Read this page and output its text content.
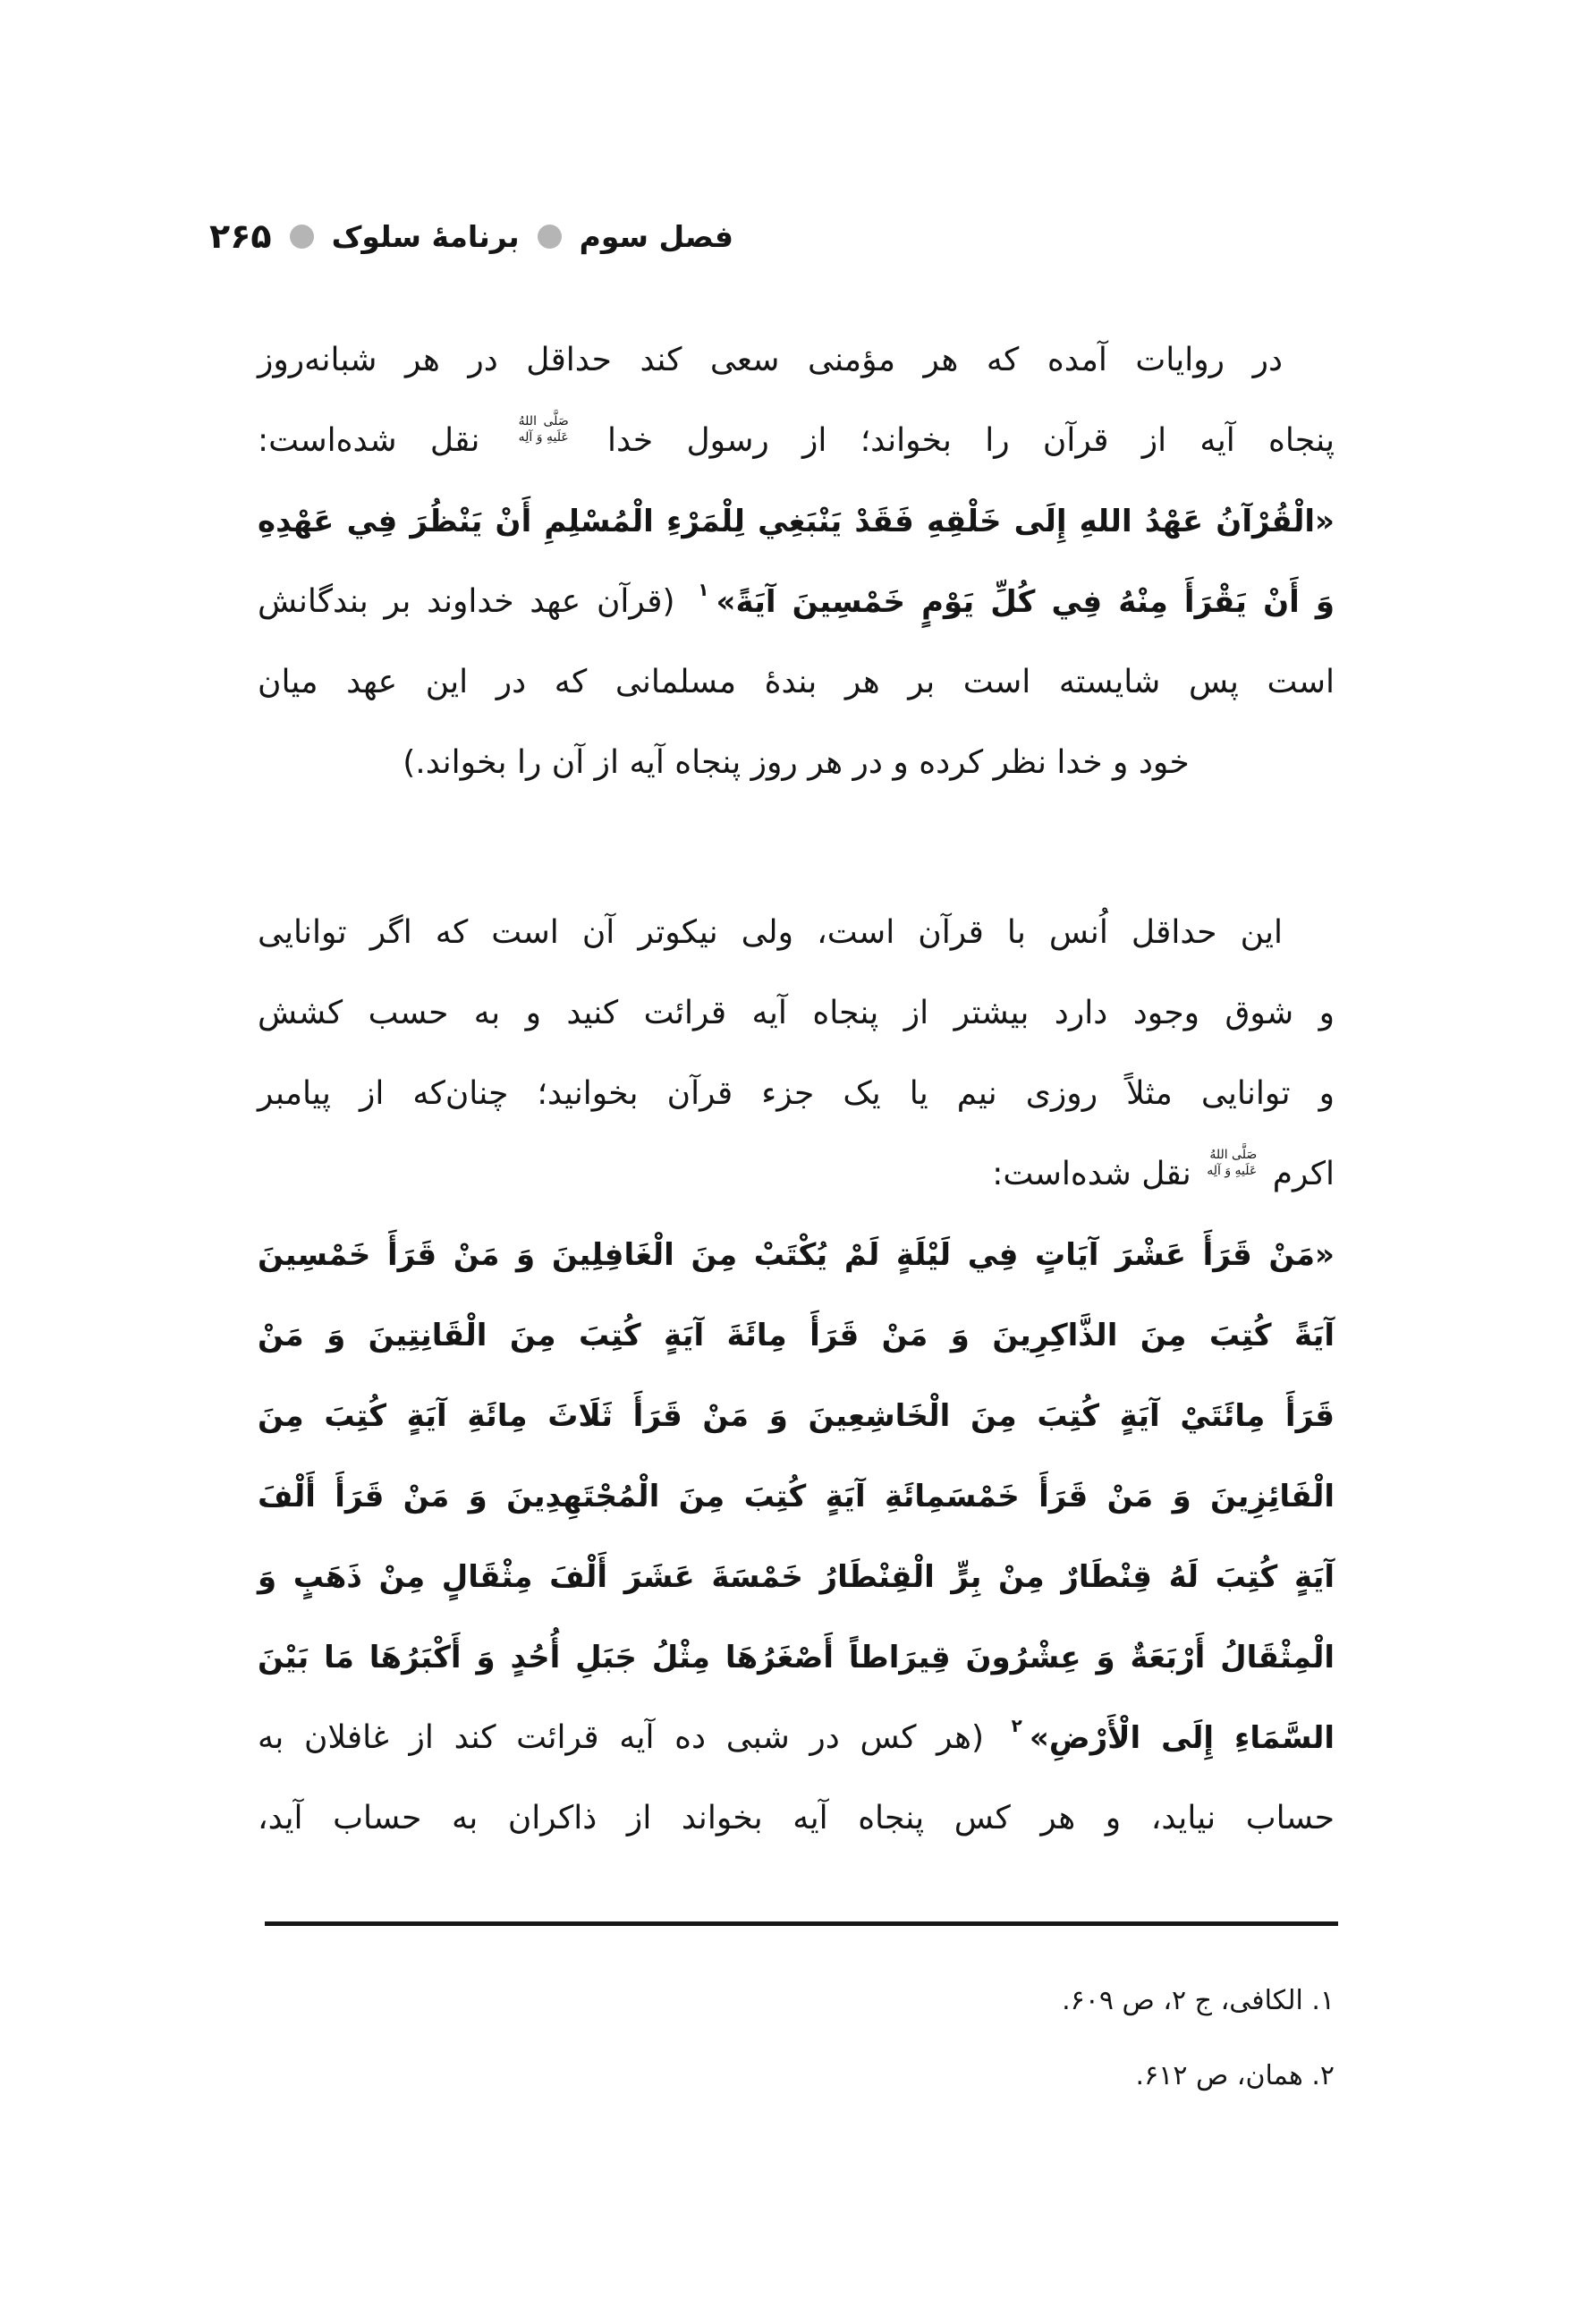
فصل سوم
برنامهٔ سلوک
۲۶۵
در روایات آمده که هر مؤمنی سعی کند حداقل در هر شبانه‌روز
پنجاه آیه از قرآن را بخواند؛ از رسول خدا
صَلَّی اللهُ
عَلَیهِ وَ آلِه
نقل شده‌است:
«الْقُرْآنُ عَهْدُ اللهِ إِلَی خَلْقِهِ فَقَدْ يَنْبَغِي لِلْمَرْءِ الْمُسْلِمِ أَنْ يَنْظُرَ فِي عَهْدِهِ
وَ أَنْ يَقْرَأَ مِنْهُ فِي كُلِّ يَوْمٍ خَمْسِينَ آيَةً»$^۱$ (قرآن عهد خداوند بر بندگانش
است پس شایسته است بر هر بندهٔ مسلمانی که در این عهد میان
خود و خدا نظر کرده و در هر روز پنجاه آیه از آن را بخواند.)
این حداقل اُنس با قرآن است، ولی نیکوتر آن است که اگر توانایی
و شوق وجود دارد بیشتر از پنجاه آیه قرائت کنید و به حسب کشش
و توانایی مثلاً روزی نیم یا یک جزء قرآن بخوانید؛ چنان‌که از پیامبر
اکرم
صَلَّی اللهُ
عَلَیهِ وَ آلِه
نقل شده‌است:
«مَنْ قَرَأَ عَشْرَ آيَاتٍ فِي لَيْلَةٍ لَمْ يُكْتَبْ مِنَ الْغَافِلِينَ وَ مَنْ قَرَأَ خَمْسِينَ
آيَةً كُتِبَ مِنَ الذَّاكِرِينَ وَ مَنْ قَرَأَ مِائَةَ آيَةٍ كُتِبَ مِنَ الْقَانِتِينَ وَ مَنْ
قَرَأَ مِائَتَيْ آيَةٍ كُتِبَ مِنَ الْخَاشِعِينَ وَ مَنْ قَرَأَ ثَلَاثَ مِائَةِ آيَةٍ كُتِبَ مِنَ
الْفَائِزِينَ وَ مَنْ قَرَأَ خَمْسَمِائَةِ آيَةٍ كُتِبَ مِنَ الْمُجْتَهِدِينَ وَ مَنْ قَرَأَ أَلْفَ
آيَةٍ كُتِبَ لَهُ قِنْطَارٌ مِنْ بِرٍّ الْقِنْطَارُ خَمْسَةَ عَشَرَ أَلْفَ مِثْقَالٍ مِنْ ذَهَبٍ وَ
الْمِثْقَالُ أَرْبَعَةٌ وَ عِشْرُونَ قِيرَاطاً أَصْغَرُهَا مِثْلُ جَبَلِ أُحُدٍ وَ أَكْبَرُهَا مَا بَيْنَ
السَّمَاءِ إِلَی الْأَرْضِ»$^۲$ (هر کس در شبی ده آیه قرائت کند از غافلان به
حساب نیاید، و هر کس پنجاه آیه بخواند از ذاکران به حساب آید،
۱. الکافی، ج ۲، ص ۶۰۹.
۲. همان، ص ۶۱۲.
